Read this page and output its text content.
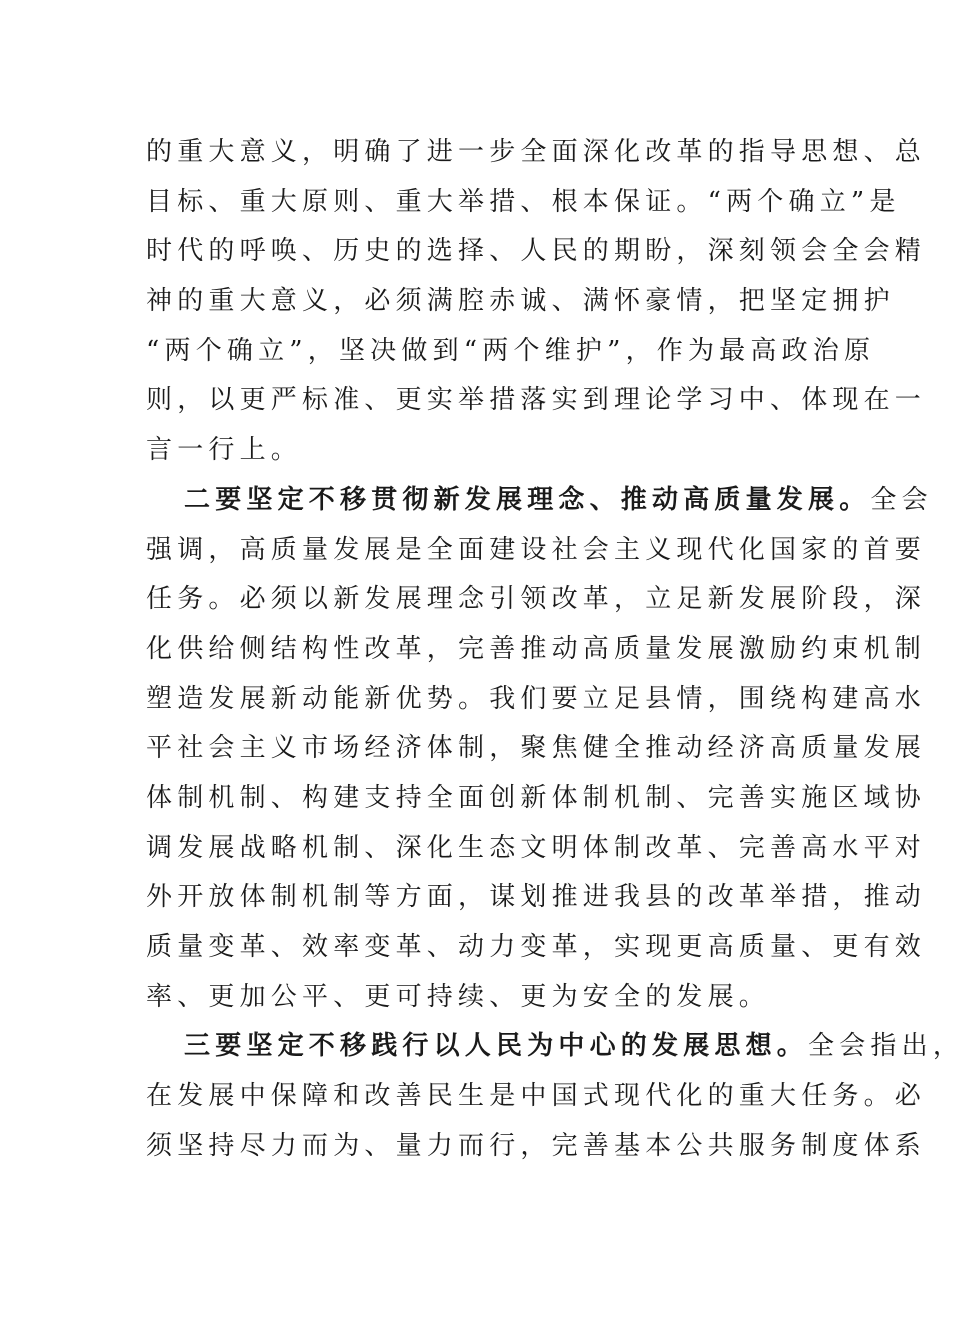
的重大意义，明确了进一步全面深化改革的指导思想、总
目标、重大原则、重大举措、根本保证。“两个确立”是
时代的呼唤、历史的选择、人民的期盼，深刻领会全会精
神的重大意义，必须满腔赤诚、满怀豪情，把坚定拥护
“两个确立”，坚决做到“两个维护”，作为最高政治原
则，以更严标准、更实举措落实到理论学习中、体现在一
言一行上。
二要坚定不移贯彻新发展理念、推动高质量发展。全会
强调，高质量发展是全面建设社会主义现代化国家的首要
任务。必须以新发展理念引领改革，立足新发展阶段，深
化供给侧结构性改革，完善推动高质量发展激励约束机制
塑造发展新动能新优势。我们要立足县情，围绕构建高水
平社会主义市场经济体制，聚焦健全推动经济高质量发展
体制机制、构建支持全面创新体制机制、完善实施区域协
调发展战略机制、深化生态文明体制改革、完善高水平对
外开放体制机制等方面，谋划推进我县的改革举措，推动
质量变革、效率变革、动力变革，实现更高质量、更有效
率、更加公平、更可持续、更为安全的发展。
三要坚定不移践行以人民为中心的发展思想。全会指出，
在发展中保障和改善民生是中国式现代化的重大任务。必
须坚持尽力而为、量力而行，完善基本公共服务制度体系
